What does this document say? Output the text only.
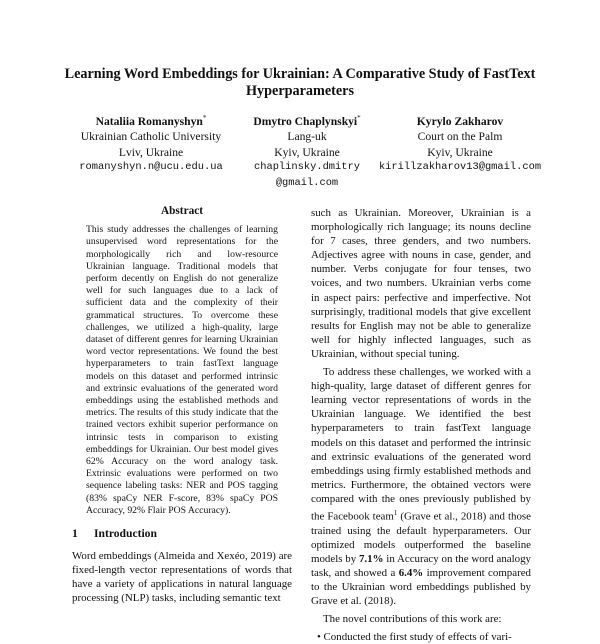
Learning Word Embeddings for Ukrainian: A Comparative Study of FastText Hyperparameters
Nataliia Romanyshyn*
Ukrainian Catholic University
Lviv, Ukraine
romanyshyn.n@ucu.edu.ua
Dmytro Chaplynskyi*
Lang-uk
Kyiv, Ukraine
chaplinsky.dmitry
@gmail.com
Kyrylo Zakharov
Court on the Palm
Kyiv, Ukraine
kirillzakharov13@gmail.com
Abstract
This study addresses the challenges of learning unsupervised word representations for the morphologically rich and low-resource Ukrainian language. Traditional models that perform decently on English do not generalize well for such languages due to a lack of sufficient data and the complexity of their grammatical structures. To overcome these challenges, we utilized a high-quality, large dataset of different genres for learning Ukrainian word vector representations. We found the best hyperparameters to train fastText language models on this dataset and performed intrinsic and extrinsic evaluations of the generated word embeddings using the established methods and metrics. The results of this study indicate that the trained vectors exhibit superior performance on intrinsic tests in comparison to existing embeddings for Ukrainian. Our best model gives 62% Accuracy on the word analogy task. Extrinsic evaluations were performed on two sequence labeling tasks: NER and POS tagging (83% spaCy NER F-score, 83% spaCy POS Accuracy, 92% Flair POS Accuracy).
1 Introduction

Word embeddings (Almeida and Xexéo, 2019) are fixed-length vector representations of words that have a variety of applications in natural language processing (NLP) tasks, including semantic text

such as Ukrainian. Moreover, Ukrainian is a morphologically rich language; its nouns decline for 7 cases, three genders, and two numbers. Adjectives agree with nouns in case, gender, and number. Verbs conjugate for four tenses, two voices, and two numbers. Ukrainian verbs come in aspect pairs: perfective and imperfective. Not surprisingly, traditional models that give excellent results for English may not be able to generalize well for highly inflected languages, such as Ukrainian, without special tuning.

To address these challenges, we worked with a high-quality, large dataset of different genres for learning vector representations of words in the Ukrainian language. We identified the best hyperparameters to train fastText language models on this dataset and performed the intrinsic and extrinsic evaluations of the generated word embeddings using firmly established methods and metrics. Furthermore, the obtained vectors were compared with the ones previously published by the Facebook team$^1$ (Grave et al., 2018) and those trained using the default hyperparameters. Our optimized models outperformed the baseline models by 7.1% in Accuracy on the word analogy task, and showed a 6.4% improvement compared to the Ukrainian word embeddings published by Grave et al. (2018).

The novel contributions of this work are:

• Conducted the first study of effects of vari-
